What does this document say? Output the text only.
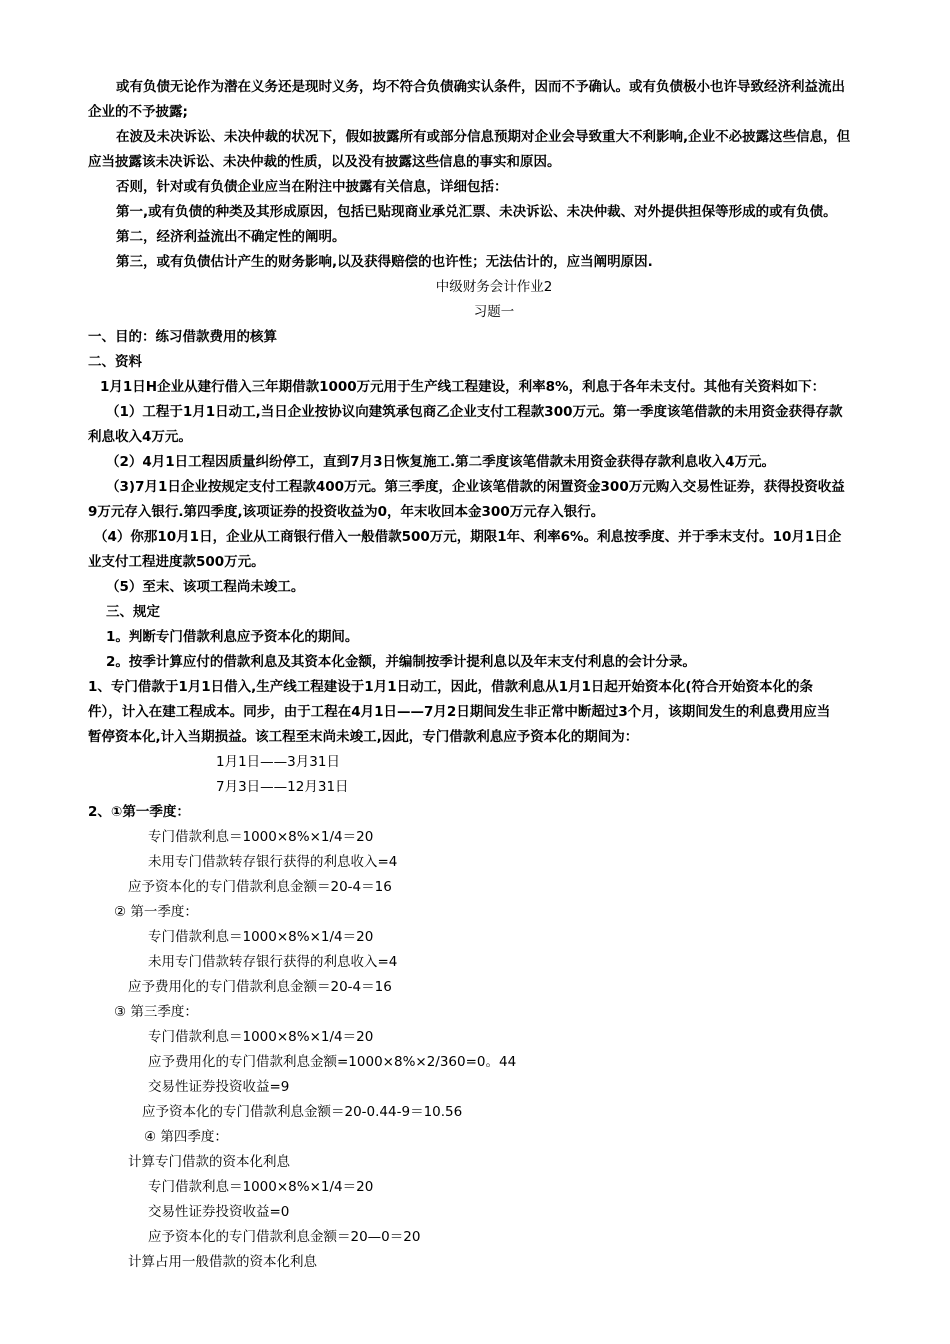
或有负债无论作为潜在义务还是现时义务，均不符合负债确实认条件，因而不予确认。或有负债极小也许导致经济利益流出
企业的不予披露;
在波及未决诉讼、未决仲裁的状况下，假如披露所有或部分信息预期对企业会导致重大不利影响,企业不必披露这些信息，但
应当披露该未决诉讼、未决仲裁的性质，以及没有披露这些信息的事实和原因。
否则，针对或有负债企业应当在附注中披露有关信息，详细包括：
第一,或有负债的种类及其形成原因，包括已贴现商业承兑汇票、未决诉讼、未决仲裁、对外提供担保等形成的或有负债。
第二，经济利益流出不确定性的阐明。
第三，或有负债估计产生的财务影响,以及获得赔偿的也许性；无法估计的，应当阐明原因.
中级财务会计作业2
习题一
一、目的：练习借款费用的核算
二、资料
1月1日H企业从建行借入三年期借款1000万元用于生产线工程建设，利率8%，利息于各年未支付。其他有关资料如下：
（1）工程于1月1日动工,当日企业按协议向建筑承包商乙企业支付工程款300万元。第一季度该笔借款的未用资金获得存款
利息收入4万元。
（2）4月1日工程因质量纠纷停工，直到7月3日恢复施工.第二季度该笔借款未用资金获得存款利息收入4万元。
（3)7月1日企业按规定支付工程款400万元。第三季度，企业该笔借款的闲置资金300万元购入交易性证券，获得投资收益
9万元存入银行.第四季度,该项证券的投资收益为0，年末收回本金300万元存入银行。
（4）你那10月1日，企业从工商银行借入一般借款500万元，期限1年、利率6%。利息按季度、并于季末支付。10月1日企
业支付工程进度款500万元。
（5）至末、该项工程尚未竣工。
三、规定
1。判断专门借款利息应予资本化的期间。
2。按季计算应付的借款利息及其资本化金额，并编制按季计提利息以及年末支付利息的会计分录。
1、专门借款于1月1日借入,生产线工程建设于1月1日动工，因此，借款利息从1月1日起开始资本化(符合开始资本化的条
件），计入在建工程成本。同步，由于工程在4月1日——7月2日期间发生非正常中断超过3个月，该期间发生的利息费用应当
暂停资本化,计入当期损益。该工程至末尚未竣工,因此，专门借款利息应予资本化的期间为：
1月1日——3月31日
7月3日——12月31日
2、①第一季度：
专门借款利息＝1000×8%×1/4＝20
未用专门借款转存银行获得的利息收入=4
应予资本化的专门借款利息金额＝20-4＝16
② 第一季度：
专门借款利息＝1000×8%×1/4＝20
未用专门借款转存银行获得的利息收入=4
应予费用化的专门借款利息金额＝20-4＝16
③ 第三季度：
专门借款利息＝1000×8%×1/4＝20
应予费用化的专门借款利息金额=1000×8%×2/360=0。44
交易性证券投资收益=9
应予资本化的专门借款利息金额＝20-0.44-9＝10.56
④ 第四季度：
计算专门借款的资本化利息
专门借款利息＝1000×8%×1/4＝20
交易性证券投资收益=0
应予资本化的专门借款利息金额＝20—0＝20
计算占用一般借款的资本化利息
